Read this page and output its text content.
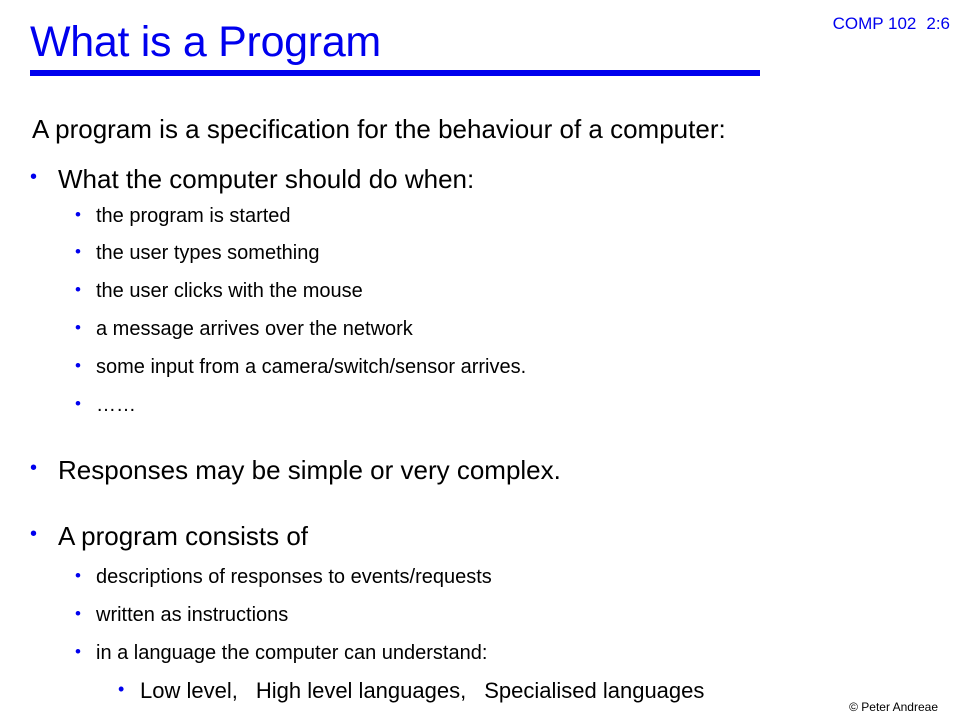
What is a Program	COMP 102 2:6
A program is a specification for the behaviour of a computer:
• What the computer should do when:
• the program is started
• the user types something
• the user clicks with the mouse
• a message arrives over the network
• some input from a camera/switch/sensor arrives.
• ……
• Responses may be simple or very complex.
• A program consists of
• descriptions of responses to events/requests
• written as instructions
• in a language the computer can understand:
• Low level, High level languages, Specialised languages
© Peter Andreae
